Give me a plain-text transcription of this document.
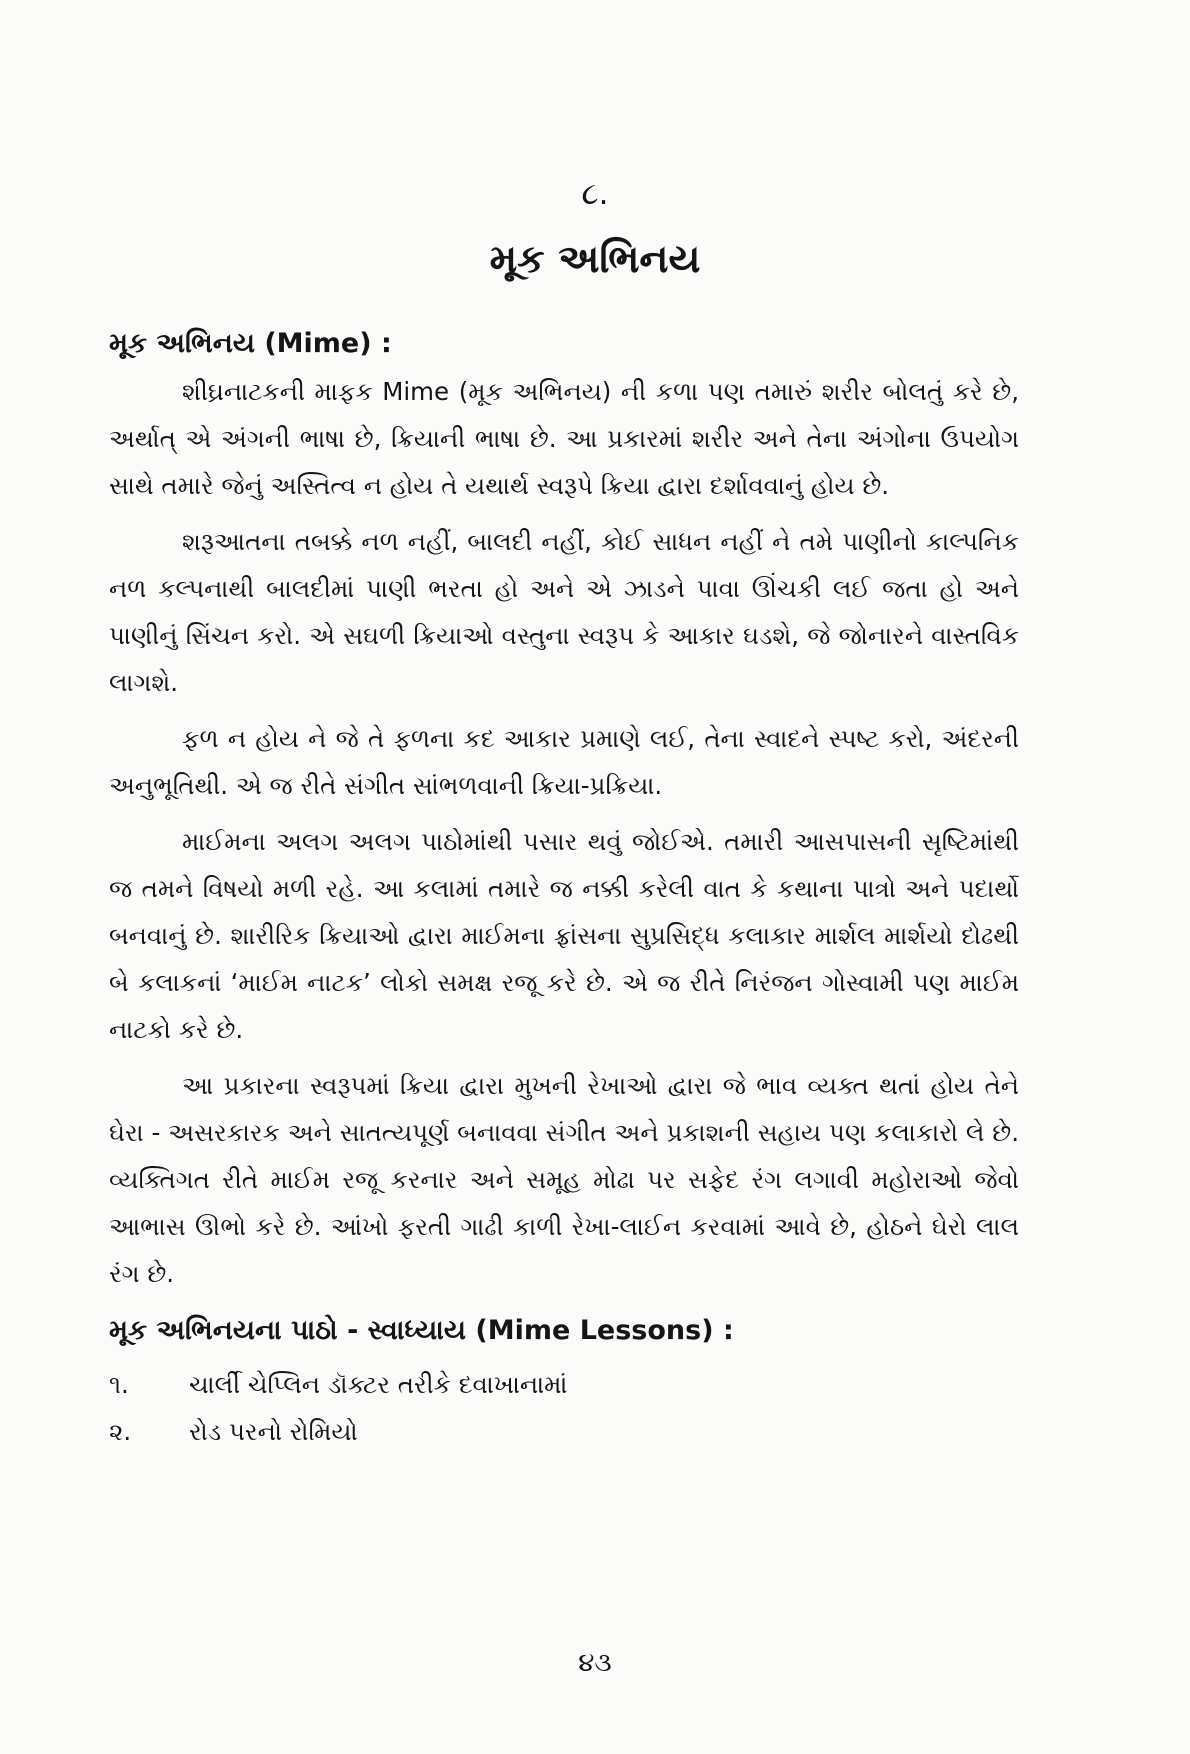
૮.
મૂક અભિનય
મૂક અભિનય (Mime) :

શીઘ્રનાટકની માફક Mime (મૂક અભિનય) ની કળા પણ તમારું શરીર બોલતું કરે છે, અર્થાત્ એ અંગની ભાષા છે, ક્રિયાની ભાષા છે. આ પ્રકારમાં શરીર અને તેના અંગોના ઉપયોગ સાથે તમારે જેનું અસ્તિત્વ ન હોય તે યથાર્થ સ્વરૂપે ક્રિયા દ્વારા દર્શાવવાનું હોય છે.

શરૂઆતના તબક્કે નળ નહીં, બાલદી નહીં, કોઈ સાધન નહીં ને તમે પાણીનો કાલ્પનિક નળ કલ્પનાથી બાલદીમાં પાણી ભરતા હો અને એ ઝાડને પાવા ઊંચકી લઈ જતા હો અને પાણીનું સિંચન કરો. એ સઘળી ક્રિયાઓ વસ્તુના સ્વરૂપ કે આકાર ઘડશે, જે જોનારને વાસ્તવિક લાગશે.

ફળ ન હોય ને જે તે ફળના કદ આકાર પ્રમાણે લઈ, તેના સ્વાદને સ્પષ્ટ કરો, અંદરની અનુભૂતિથી. એ જ રીતે સંગીત સાંભળવાની ક્રિયા-પ્રક્રિયા.

માઈમના અલગ અલગ પાઠોમાંથી પસાર થવું જોઈએ. તમારી આસપાસની સૃષ્ટિમાંથી જ તમને વિષયો મળી રહે. આ કલામાં તમારે જ નક્કી કરેલી વાત કે કથાના પાત્રો અને પદાર્થો બનવાનું છે. શારીરિક ક્રિયાઓ દ્વારા માઈમના ફ્રાંસના સુપ્રસિદ્ધ કલાકાર માર્શલ માર્શયો દોઢથી બે કલાકનાં ‘માઈમ નાટક’ લોકો સમક્ષ રજૂ કરે છે. એ જ રીતે નિરંજન ગોસ્વામી પણ માઈમ નાટકો કરે છે.

આ પ્રકારના સ્વરૂપમાં ક્રિયા દ્વારા મુખની રેખાઓ દ્વારા જે ભાવ વ્યક્ત થતાં હોય તેને ઘેરા - અસરકારક અને સાતત્યપૂર્ણ બનાવવા સંગીત અને પ્રકાશની સહાય પણ કલાકારો લે છે. વ્યક્તિગત રીતે માઈમ રજૂ કરનાર અને સમૂહ મોઢા પર સફેદ રંગ લગાવી મહોરાઓ જેવો આભાસ ઊભો કરે છે. આંખો ફરતી ગાઢી કાળી રેખા-લાઈન કરવામાં આવે છે, હોઠને ઘેરો લાલ રંગ છે.

મૂક અભિનયના પાઠો - સ્વાધ્યાય (Mime Lessons) :
૧.	ચાર્લી ચેપ્લિન ડૉક્ટર તરીકે દવાખાનામાં
૨.	રોડ પરનો રોમિયો
૪૩
